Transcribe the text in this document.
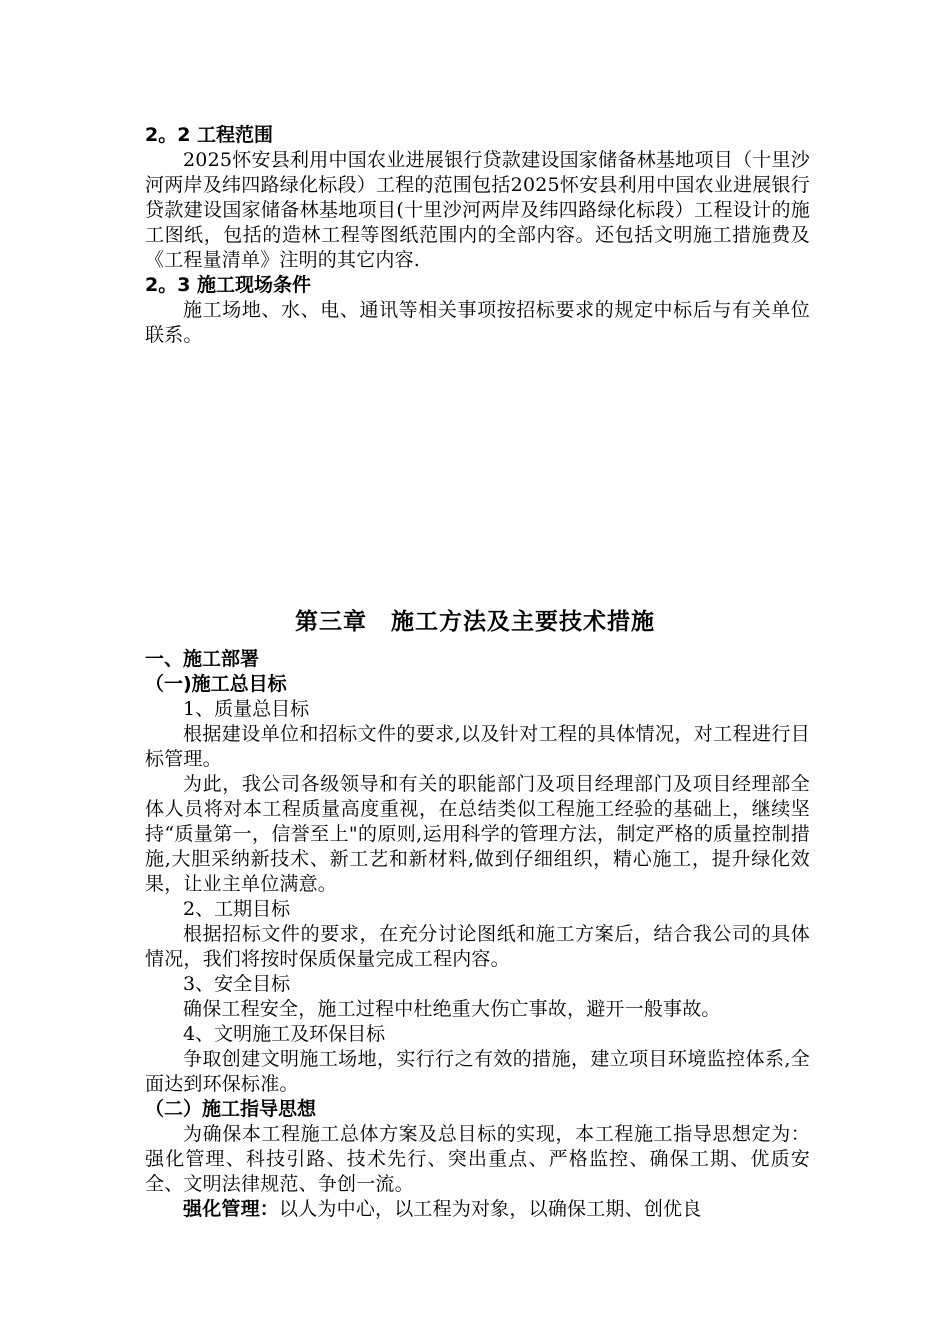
2。2 工程范围

2025怀安县利用中国农业进展银行贷款建设国家储备林基地项目（十里沙河两岸及纬四路绿化标段）工程的范围包括2025怀安县利用中国农业进展银行贷款建设国家储备林基地项目(十里沙河两岸及纬四路绿化标段）工程设计的施工图纸，包括的造林工程等图纸范围内的全部内容。还包括文明施工措施费及《工程量清单》注明的其它内容.

2。3 施工现场条件

施工场地、水、电、通讯等相关事项按招标要求的规定中标后与有关单位联系。

第三章　施工方法及主要技术措施

一、施工部署

（一)施工总目标

1、质量总目标

根据建设单位和招标文件的要求,以及针对工程的具体情况，对工程进行目标管理。

为此，我公司各级领导和有关的职能部门及项目经理部门及项目经理部全体人员将对本工程质量高度重视，在总结类似工程施工经验的基础上，继续坚持“质量第一，信誉至上"的原则,运用科学的管理方法，制定严格的质量控制措施,大胆采纳新技术、新工艺和新材料,做到仔细组织，精心施工，提升绿化效果，让业主单位满意。

2、工期目标

根据招标文件的要求，在充分讨论图纸和施工方案后，结合我公司的具体情况，我们将按时保质保量完成工程内容。

3、安全目标

确保工程安全，施工过程中杜绝重大伤亡事故，避开一般事故。

4、文明施工及环保目标

争取创建文明施工场地，实行行之有效的措施，建立项目环境监控体系,全面达到环保标准。

（二）施工指导思想

为确保本工程施工总体方案及总目标的实现，本工程施工指导思想定为：强化管理、科技引路、技术先行、突出重点、严格监控、确保工期、优质安全、文明法律规范、争创一流。

强化管理：以人为中心，以工程为对象，以确保工期、创优良
